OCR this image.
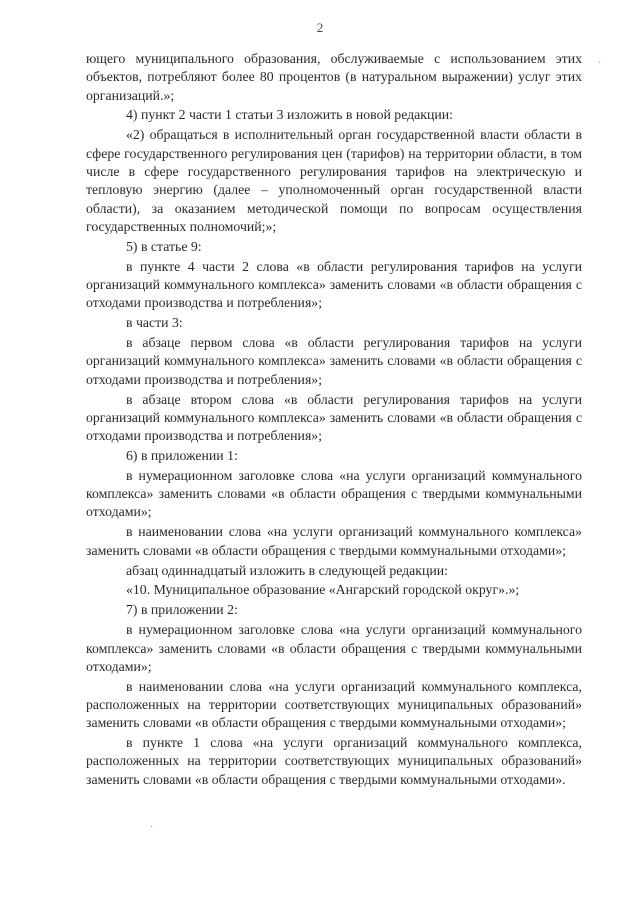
2

ющего муниципального образования, обслуживаемые с использованием этих объектов, потребляют более 80 процентов (в натуральном выражении) услуг этих организаций.»;

4) пункт 2 части 1 статьи 3 изложить в новой редакции:

«2) обращаться в исполнительный орган государственной власти области в сфере государственного регулирования цен (тарифов) на территории области, в том числе в сфере государственного регулирования тарифов на электрическую и тепловую энергию (далее – уполномоченный орган государственной власти области), за оказанием методической помощи по вопросам осуществления государственных полномочий;»;

5) в статье 9:

в пункте 4 части 2 слова «в области регулирования тарифов на услуги организаций коммунального комплекса» заменить словами «в области обращения с отходами производства и потребления»;

в части 3:

в абзаце первом слова «в области регулирования тарифов на услуги организаций коммунального комплекса» заменить словами «в области обращения с отходами производства и потребления»;

в абзаце втором слова «в области регулирования тарифов на услуги организаций коммунального комплекса» заменить словами «в области обращения с отходами производства и потребления»;

6) в приложении 1:

в нумерационном заголовке слова «на услуги организаций коммунального комплекса» заменить словами «в области обращения с твердыми коммунальными отходами»;

в наименовании слова «на услуги организаций коммунального комплекса» заменить словами «в области обращения с твердыми коммунальными отходами»;

абзац одиннадцатый изложить в следующей редакции:

«10. Муниципальное образование «Ангарский городской округ».»;

7) в приложении 2:

в нумерационном заголовке слова «на услуги организаций коммунального комплекса» заменить словами «в области обращения с твердыми коммунальными отходами»;

в наименовании слова «на услуги организаций коммунального комплекса, расположенных на территории соответствующих муниципальных образований» заменить словами «в области обращения с твердыми коммунальными отходами»;

в пункте 1 слова «на услуги организаций коммунального комплекса, расположенных на территории соответствующих муниципальных образований» заменить словами «в области обращения с твердыми коммунальными отходами».

·
·
